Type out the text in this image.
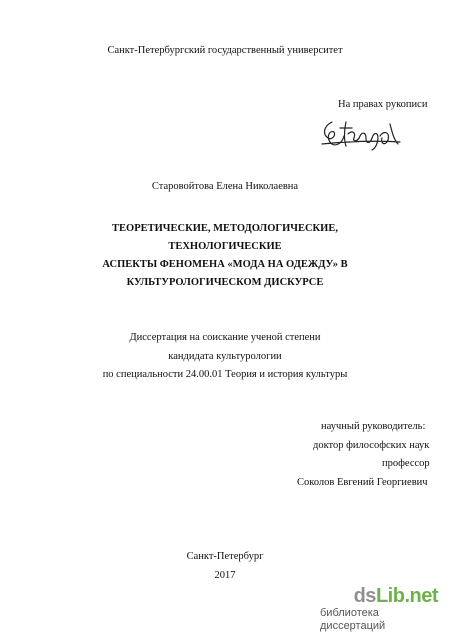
Санкт-Петербургский государственный университет
На правах рукописи
Старовойтова Елена Николаевна
ТЕОРЕТИЧЕСКИЕ, МЕТОДОЛОГИЧЕСКИЕ, ТЕХНОЛОГИЧЕСКИЕ
АСПЕКТЫ ФЕНОМЕНА «МОДА НА ОДЕЖДУ» В
КУЛЬТУРОЛОГИЧЕСКОМ ДИСКУРСЕ
Диссертация на соискание ученой степени
кандидата культурологии
по специальности 24.00.01 Теория и история культуры
научный руководитель:
доктор философских наук
профессор
Соколов Евгений Георгиевич
Санкт-Петербург
2017
dsLib.net
библиотека диссертаций
